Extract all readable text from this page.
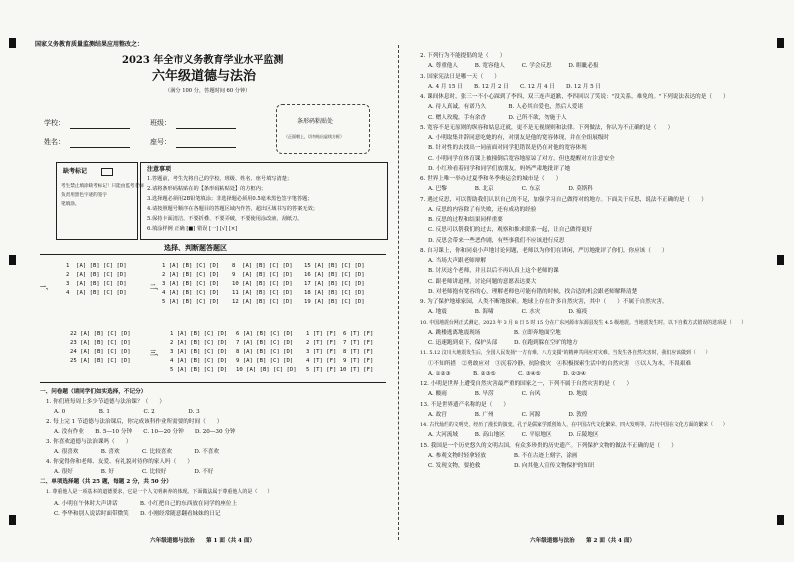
国家义务教育质量监测结果应用整改之：
2023 年全市义务教育学业水平监测
六年级道德与法治
（满分 100 分，答题时间 60 分钟）
学校：	班级：
姓名：	座号：
条形码粘贴处
（正面朝上，切勿贴出虚线方框）
缺考标记
考生禁止填涂缺考标记！只能由监考老师
负责用黑色字迹的签字
笔填涂。
注意事项
1.答题前，考生先将自己的学校、班级、姓名、座号填写清楚；
2.请将条形码粘贴在的【条形码粘贴处】的方框内；
3.选择题必须用2B铅笔填涂；非选择题必须用0.5毫米黑色签字笔答题；
4.请按照题号顺序在各题目的答题区域内作答，超出区域书写的答案无效；
5.保持卡面清洁，不要折叠、不要弄破，不要使用涂改液、刮纸刀。
6.填涂样例 正确 [■] 错误 [一] [√] [×]
选择、判断题答题区
一、	二、
三、
1  [A] [B] [C] [D]
2  [A] [B] [C] [D]
3  [A] [B] [C] [D]
4  [A] [B] [C] [D]
1 [A] [B] [C] [D]
2 [A] [B] [C] [D]
3 [A] [B] [C] [D]
4 [A] [B] [C] [D]
5 [A] [B] [C] [D]
8  [A] [B] [C] [D]
9  [A] [B] [C] [D]
10 [A] [B] [C] [D]
11 [A] [B] [C] [D]
12 [A] [B] [C] [D]
15 [A] [B] [C] [D]
16 [A] [B] [C] [D]
17 [A] [B] [C] [D]
18 [A] [B] [C] [D]
19 [A] [B] [C] [D]
22 [A] [B] [C] [D]
23 [A] [B] [C] [D]
24 [A] [B] [C] [D]
25 [A] [B] [C] [D]
1 [A] [B] [C] [D]
2 [A] [B] [C] [D]
3 [A] [B] [C] [D]
4 [A] [B] [C] [D]
5 [A] [B] [C] [D]
6 [A] [B] [C] [D]
7 [A] [B] [C] [D]
8 [A] [B] [C] [D]
9 [A] [B] [C] [D]
10 [A] [B] [C] [D]
1 [T] [F]  6 [T] [F]
2 [T] [F]  7 [T] [F]
3 [T] [F]  8 [T] [F]
4 [T] [F]  9 [T] [F]
5 [T] [F] 10 [T] [F]
一、问卷题（请同学们如实选择，不记分）
1. 你们班每周上多少节道德与法治课？（　　）
A. 0　　　　　　B. 1　　　　　　C. 2　　　　　　D. 3
2. 每上完 1 节道德与法治课后，你完成该科作业所需要的时间（　　）
A. 没有作业　　B. 5—10 分钟　　C. 10—20 分钟　　D. 20—30 分钟
3. 你喜欢道德与法治课吗（　　）
A. 很喜欢　　　　B. 喜欢　　　　C. 比较喜欢　　　　D. 不喜欢
4. 你觉得你和老师、友爱、有礼貌对待你的家人吗（　　）
A. 很好　　　　　B. 好　　　　　C. 比较好　　　　　D. 不好
二、单项选择题（共 25 题，每题 2 分，共 50 分）
1. 尊重他人是一项基本的道德要求，它是一个人文明素养的体现。下面做法属于尊重他人的是（　　）
A. 小明在午休时大声讲话　　　　B. 小红把自己的东西放在同学的座位上
C. 李华和别人说话时面带微笑　　D. 小刚经常随意翻看妹妹的日记
六年级道德与法治　　第 1 面（共 4 面）
2. 下列行为不能提倡的是（　　）
A. 尊重他人　　　B. 宽容他人　　　C. 学会反思　　　D. 睚眦必报
3. 国家宪法日是哪一天（　　）
A. 4 月 15 日　　B. 12 月 2 日　　C. 12 月 4 日　　D. 12 月 5 日
4. 课间休息时，张三一不小心踩到了李四，双三连声道歉，李四回以了笑说："没关系，难免的。"下列说法表达的是（　　）
A. 待人真诚，有诺乃久　　　　B. 人必其自爱也，然后人爱诸
C. 赠人玫瑰，手有余香　　　　D. 己所不欲，勿施于人
5. 宽容不是无原则的纵容和姑息迁就，更不是无视规则和法律。下列做法，你认为不正确的是（　　）
A. 小明取集井辞同意吃她的有，对朋友是他的宽容体现，并在全组展级时
B. 针对性的去找出一同前面对同学犯错误是仍在对他的宽容体现
C. 小明同学在体育课上被撞倒后宽容地原谅了对方，但也提醒对方注意安全
D. 小红珍看着同学和同学们放朋友，妈妈严肃地批评了她
6. 世界上唯一举办过夏季和冬季奥运会的城市是（　　）
A. 巴黎　　　　　B. 北京　　　　　C. 东京　　　　　D. 莫斯科
7. 遇过反思，可以帮助我们认识自己的不足，加强学习自己做得对的地方。下面关于反思，说法不正确的是（　　）
A. 反思的内容除了有失败，还有成功的经验
B. 反思的过程和结果同样重要
C. 反思可以帮我们的过去，观察和推求联系一起，让自己做得更好
D. 反思会带来一些恶作剧，有些事我们不应该进行反思
8. 自习课上，你和同桌小声地讨论问题，老师以为你们在讲闲，严厉地批评了你们。你应该（　　）
A. 当场大声跟老师辩解
B. 讨厌这个老师，并且以后不再认真上这个老师的课
C. 跟老师讲道理，讨论问题的意愿表达要大
D. 对老师抱有宽容的心，理解老师也可能有错的时候，找合适的机会跟老师解释清楚
9. 为了保护地球家园，人类不断地探索。地球上存在许多自然灾害，其中（　　）不属于自然灾害。
A. 地震　　　　　B. 海啸　　　　　C. 水灾　　　　　D. 瘟疫
10. 中国地震台网正式测定，2023 年 3 月 8 日 5 时 15 分在广东河源市东源县发生 4.5 级地震。当地震发生时，以下自救方式错误的选项是（　　）
A. 跳楼逃离地震现场　　　　　　B. 立即奔地面空地
C. 迅速跑到桌下，保护头部　　　D. 在跑到躲在空旷的地方
11. 5.12 汶川大地震发生后，全国人民发扬"一方有难，八方支援"的精神共同应对灾难。当发生各自然灾害时，我们应该做到（　　）
①不知所措　②勇敢应对　③沉着冷静，抗险救灾　④积极探索生活中的自然灾害　⑤以人为本，不畏艰难
A. ①②③　　　　B. ②③⑤　　　　C. ③④⑤　　　　D. ②③④
12. 小明是世界上遭受自然灾害最严重的国家之一，下列不属于自然灾害的是（　　）
A. 酸雨　　　　　B. 旱涝　　　　　C. 台风　　　　　D. 地震
13. 不是世界遗产名称的是（　　）
A. 故宫　　　　　B. 广州　　　　　C. 河源　　　　　D. 敦煌
14. 古代灿烂的文明史，经历了漫长的演变。孔子是儒家学派创始人，在中国古代文化繁荣、四大发明等。古代中国在文化方面的繁荣（　　）
A. 大河流域　　　B. 高山地区　　　C. 平原地区　　　D. 丘陵地区
15. 我国是一个历史悠久的文明古国，有众多珍贵的历史遗产。下列保护文物的做法不正确的是（　　）
A. 参观文物时轻拿轻放　　　　　B. 不在古迹上刻字，涂画
C. 发现文物，要抢救　　　　　　D. 向其他人宣传文物保护的知识
六年级道德与法治　　第 2 面（共 4 面）
